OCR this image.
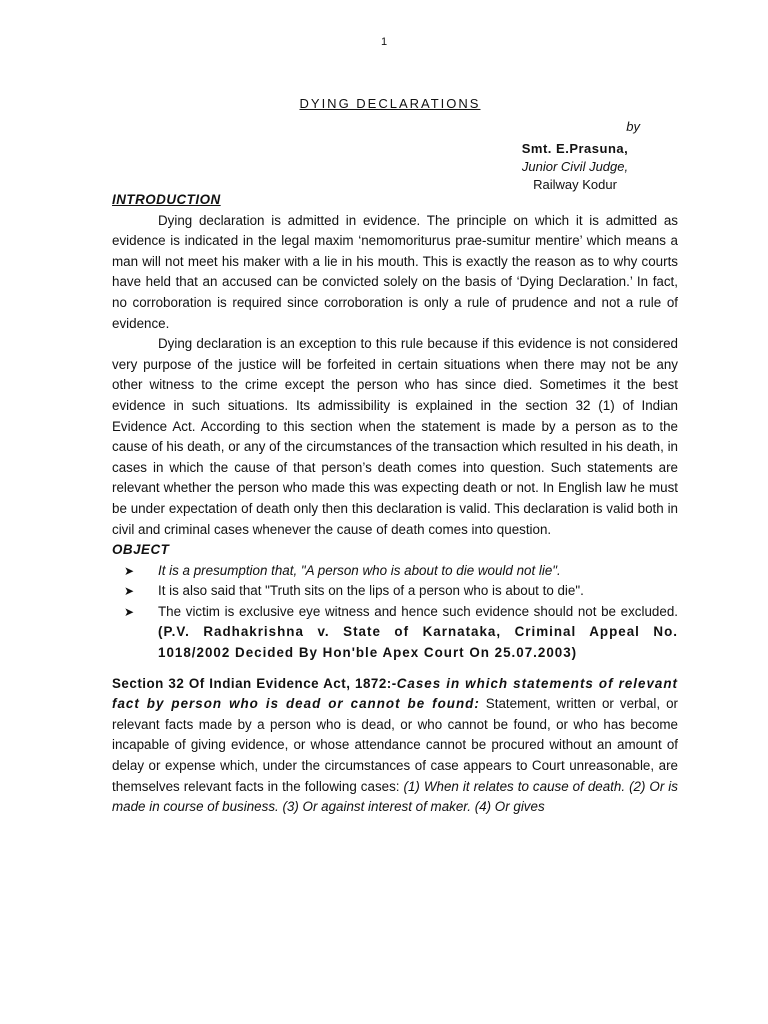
1
DYING DECLARATIONS
by
Smt. E.Prasuna,
Junior Civil Judge,
Railway Kodur
INTRODUCTION

Dying declaration is admitted in evidence. The principle on which it is admitted as evidence is indicated in the legal maxim ‘nemomoriturus prae-sumitur mentire’ which means a man will not meet his maker with a lie in his mouth. This is exactly the reason as to why courts have held that an accused can be convicted solely on the basis of ‘Dying Declaration.’ In fact, no corroboration is required since corroboration is only a rule of prudence and not a rule of evidence.

Dying declaration is an exception to this rule because if this evidence is not considered very purpose of the justice will be forfeited in certain situations when there may not be any other witness to the crime except the person who has since died. Sometimes it the best evidence in such situations. Its admissibility is explained in the section 32 (1) of Indian Evidence Act. According to this section when the statement is made by a person as to the cause of his death, or any of the circumstances of the transaction which resulted in his death, in cases in which the cause of that person’s death comes into question. Such statements are relevant whether the person who made this was expecting death or not. In English law he must be under expectation of death only then this declaration is valid. This declaration is valid both in civil and criminal cases whenever the cause of death comes into question.

OBJECT
➤ It is a presumption that, "A person who is about to die would not lie".
➤ It is also said that "Truth sits on the lips of a person who is about to die".
➤ The victim is exclusive eye witness and hence such evidence should not be excluded. (P.V. Radhakrishna v. State of Karnataka, Criminal Appeal No. 1018/2002 Decided By Hon'ble Apex Court On 25.07.2003)

Section 32 Of Indian Evidence Act, 1872:-Cases in which statements of relevant fact by person who is dead or cannot be found: Statement, written or verbal, or relevant facts made by a person who is dead, or who cannot be found, or who has become incapable of giving evidence, or whose attendance cannot be procured without an amount of delay or expense which, under the circumstances of case appears to Court unreasonable, are themselves relevant facts in the following cases: (1) When it relates to cause of death. (2) Or is made in course of business. (3) Or against interest of maker. (4) Or gives
